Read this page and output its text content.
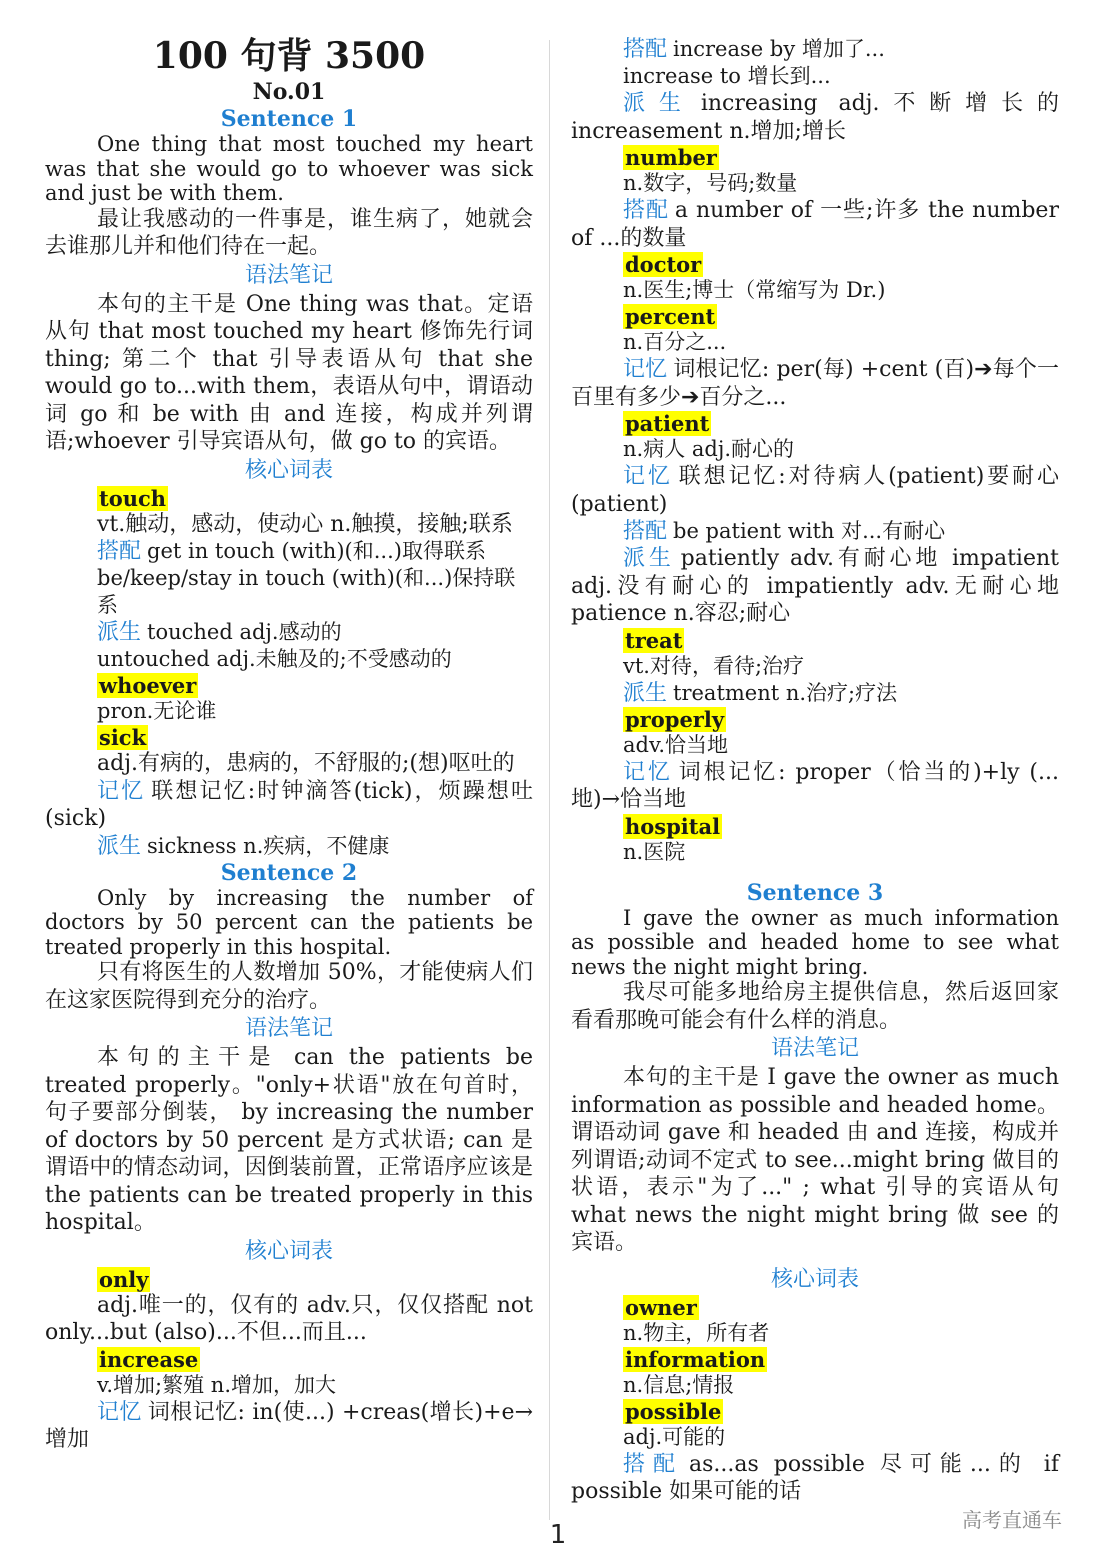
100 句背 3500
No.01
Sentence 1

One thing that most touched my heart was that she would go to whoever was sick and just be with them.

最让我感动的一件事是，谁生病了，她就会去谁那儿并和他们待在一起。

语法笔记

本句的主干是 One thing was that。定语从句 that most touched my heart 修饰先行词 thing; 第二个 that 引导表语从句 that she would go to...with them，表语从句中，谓语动词 go 和 be with 由 and 连接，构成并列谓语;whoever 引导宾语从句，做 go to 的宾语。

核心词表
touch

vt.触动，感动，使动心 n.触摸，接触;联系

搭配 get in touch (with)(和...)取得联系

be/keep/stay in touch (with)(和...)保持联系

派生 touched adj.感动的

untouched adj.未触及的;不受感动的

whoever

pron.无论谁

sick

adj.有病的，患病的，不舒服的;(想)呕吐的

记忆 联想记忆:时钟滴答(tick)，烦躁想吐(sick)

派生 sickness n.疾病，不健康

Sentence 2

Only by increasing the number of doctors by 50 percent can the patients be treated properly in this hospital.

只有将医生的人数增加 50%，才能使病人们在这家医院得到充分的治疗。

语法笔记

本句的主干是 can the patients be treated properly。"only+状语"放在句首时，句子要部分倒装， by increasing the number of doctors by 50 percent 是方式状语; can 是谓语中的情态动词，因倒装前置，正常语序应该是 the patients can be treated properly in this hospital。

核心词表
only

adj.唯一的，仅有的 adv.只，仅仅搭配 not only...but (also)...不但...而且...

increase

v.增加;繁殖 n.增加，加大

记忆 词根记忆: in(使...) +creas(增长)+e→增加

搭配 increase by 增加了...

increase to 增长到...

派生 increasing adj.不断增长的 increasement n.增加;增长

number

n.数字，号码;数量

搭配 a number of 一些;许多 the number of ...的数量

doctor

n.医生;博士（常缩写为 Dr.)

percent

n.百分之...

记忆 词根记忆: per(每) +cent (百)➔每个一百里有多少➔百分之...

patient

n.病人 adj.耐心的

记忆 联想记忆:对待病人(patient)要耐心(patient)

搭配 be patient with 对...有耐心

派生 patiently adv.有耐心地 impatient adj.没有耐心的 impatiently adv.无耐心地 patience n.容忍;耐心

treat

vt.对待，看待;治疗

派生 treatment n.治疗;疗法

properly

adv.恰当地

记忆 词根记忆: proper（恰当的)+ly (...地)→恰当地

hospital

n.医院

Sentence 3

I gave the owner as much information as possible and headed home to see what news the night might bring.

我尽可能多地给房主提供信息，然后返回家看看那晚可能会有什么样的消息。

语法笔记

本句的主干是 I gave the owner as much information as possible and headed home。谓语动词 gave 和 headed 由 and 连接，构成并列谓语;动词不定式 to see...might bring 做目的状语，表示"为了..." ; what 引导的宾语从句 what news the night might bring 做 see 的宾语。

核心词表
owner

n.物主，所有者

information

n.信息;情报

possible

adj.可能的

搭配 as...as possible 尽可能...的 if possible 如果可能的话

1	高考直通车
